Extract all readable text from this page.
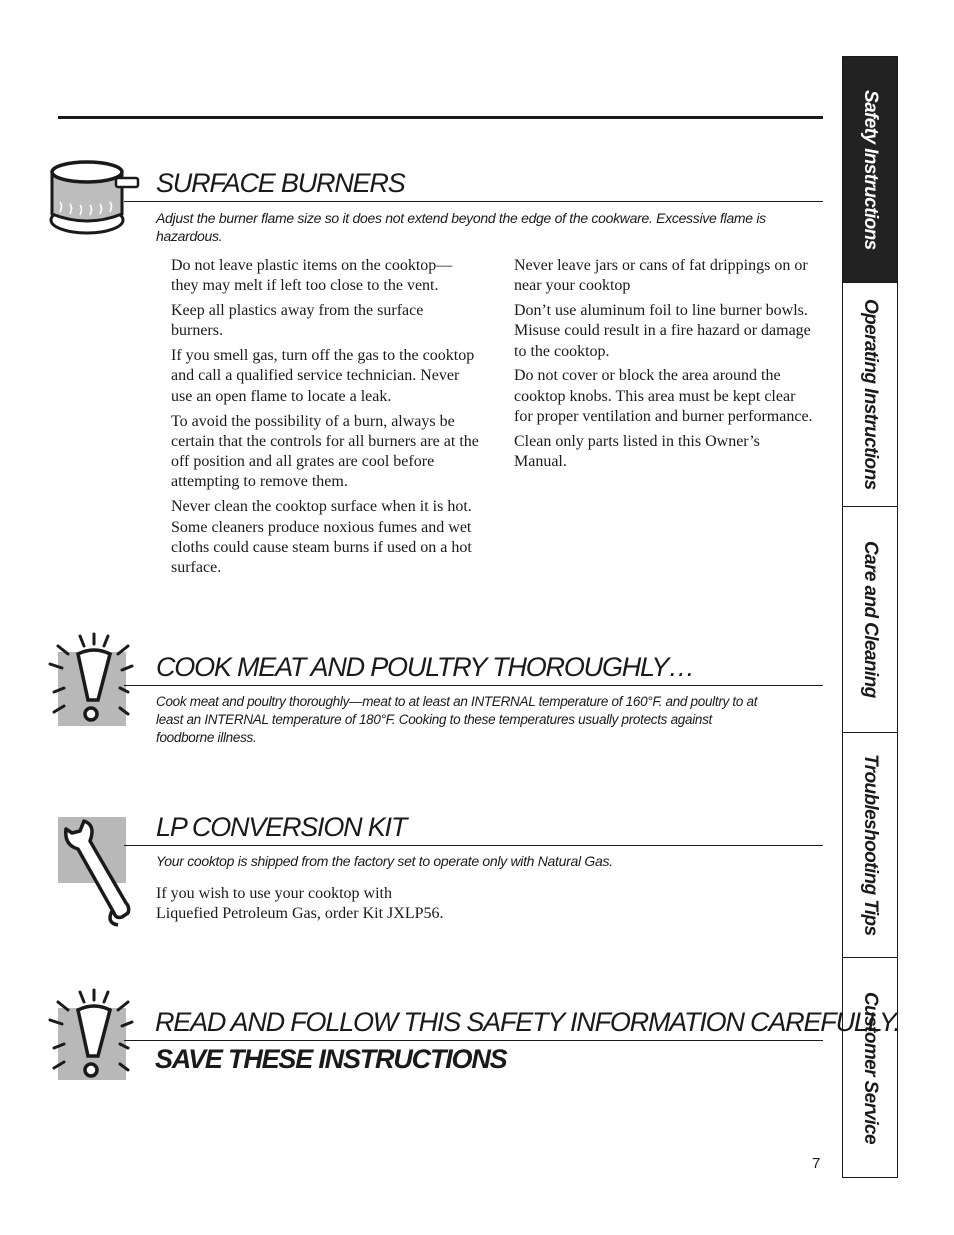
SURFACE BURNERS

Adjust the burner flame size so it does not extend beyond the edge of the cookware. Excessive flame is hazardous.

Do not leave plastic items on the cooktop—they may melt if left too close to the vent.

Keep all plastics away from the surface burners.

If you smell gas, turn off the gas to the cooktop and call a qualified service technician. Never use an open flame to locate a leak.

To avoid the possibility of a burn, always be certain that the controls for all burners are at the off position and all grates are cool before attempting to remove them.

Never clean the cooktop surface when it is hot. Some cleaners produce noxious fumes and wet cloths could cause steam burns if used on a hot surface.

Never leave jars or cans of fat drippings on or near your cooktop

Don’t use aluminum foil to line burner bowls. Misuse could result in a fire hazard or damage to the cooktop.

Do not cover or block the area around the cooktop knobs. This area must be kept clear for proper ventilation and burner performance.

Clean only parts listed in this Owner’s Manual.

COOK MEAT AND POULTRY THOROUGHLY…

Cook meat and poultry thoroughly—meat to at least an INTERNAL temperature of 160°F. and poultry to at least an INTERNAL temperature of 180°F. Cooking to these temperatures usually protects against foodborne illness.

LP CONVERSION KIT

Your cooktop is shipped from the factory set to operate only with Natural Gas.

If you wish to use your cooktop with

Liquefied Petroleum Gas, order Kit JXLP56.

READ AND FOLLOW THIS SAFETY INFORMATION CAREFULLY.
SAVE THESE INSTRUCTIONS
Safety Instructions
Operating Instructions
Care and Cleaning
Troubleshooting Tips
Customer Service
7
